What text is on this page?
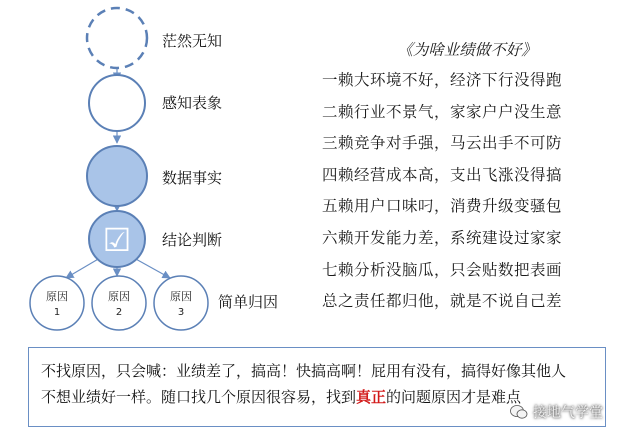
☑
原因
1
原因
2
原因
3
茫然无知
感知表象
数据事实
结论判断
简单归因
《为啥业绩做不好》
一赖大环境不好，经济下行没得跑
二赖行业不景气，家家户户没生意
三赖竞争对手强，马云出手不可防
四赖经营成本高，支出飞涨没得搞
五赖用户口味叼，消费升级变骚包
六赖开发能力差，系统建设过家家
七赖分析没脑瓜，只会贴数把表画
总之责任都归他，就是不说自己差
不找原因，只会喊：业绩差了，搞高！快搞高啊！屁用有没有，搞得好像其他人
不想业绩好一样。随口找几个原因很容易，找到真正的问题原因才是难点
接地气学堂
